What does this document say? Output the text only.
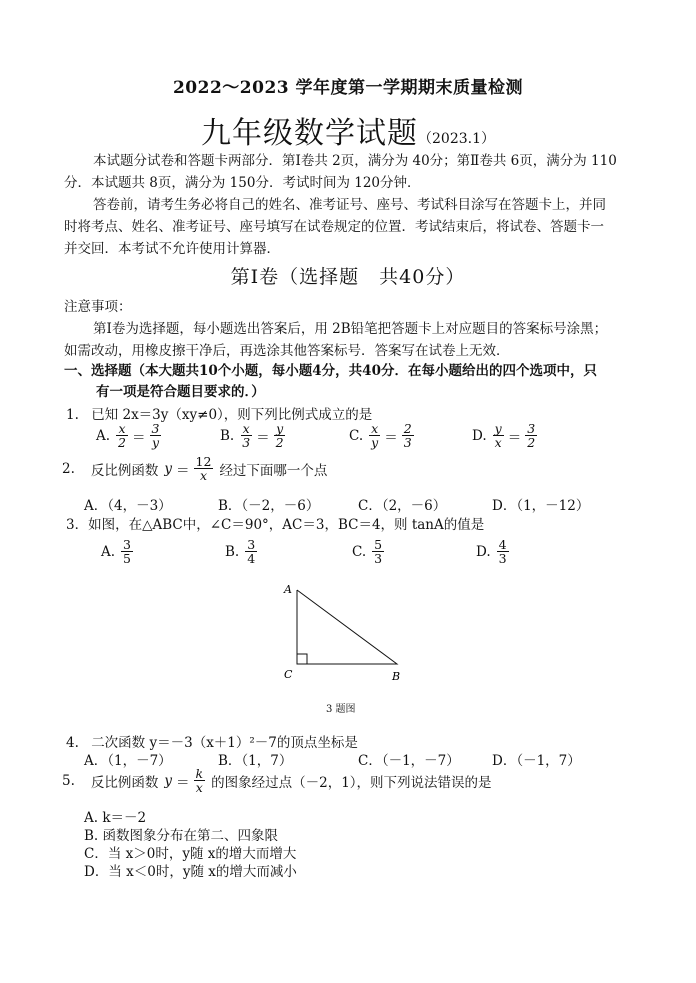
2022～2023 学年度第一学期期末质量检测
九年级数学试题（2023.1）
本试题分试卷和答题卡两部分．第Ⅰ卷共 2页，满分为 40分；第Ⅱ卷共 6页，满分为 110
分．本试题共 8页，满分为 150分．考试时间为 120分钟．
答卷前，请考生务必将自己的姓名、准考证号、座号、考试科目涂写在答题卡上，并同
时将考点、姓名、准考证号、座号填写在试卷规定的位置．考试结束后，将试卷、答题卡一
并交回．本考试不允许使用计算器．
第Ⅰ卷（选择题　共40分）
注意事项：
第Ⅰ卷为选择题，每小题选出答案后，用 2B铅笔把答题卡上对应题目的答案标号涂黑；
如需改动，用橡皮擦干净后，再选涂其他答案标号．答案写在试卷上无效．
一、选择题（本大题共10个小题，每小题4分，共40分．在每小题给出的四个选项中，只
有一项是符合题目要求的．）
1. 已知 2x＝3y（xy≠0），则下列比例式成立的是
A. $\frac{x}{2} = \frac{3}{y}$	B. $\frac{x}{3} = \frac{y}{2}$	C. $\frac{x}{y} = \frac{2}{3}$	D. $\frac{y}{x} = \frac{3}{2}$
2. 反比例函数 $y = \frac{12}{x}$ 经过下面哪一个点
A．（4，－3）	B．（－2，－6）	C．（2，－6）	D．（1，－12）
3．如图，在△ABC中，∠C＝90°，AC＝3，BC＝4，则 tanA的值是
A. $\frac{3}{5}$	B. $\frac{3}{4}$	C. $\frac{5}{3}$	D. $\frac{4}{3}$
A
C	B
3 题图
4. 二次函数 y＝－3（x＋1）²－7的顶点坐标是
A．（1，－7）	B．（1，7）	C．（－1，－7） D．（－1，7）
5. 反比例函数 $y = \frac{k}{x}$ 的图象经过点（－2，1），则下列说法错误的是
A. k＝－2
B. 函数图象分布在第二、四象限
C．当 x＞0时，y随 x的增大而增大
D．当 x＜0时，y随 x的增大而减小
